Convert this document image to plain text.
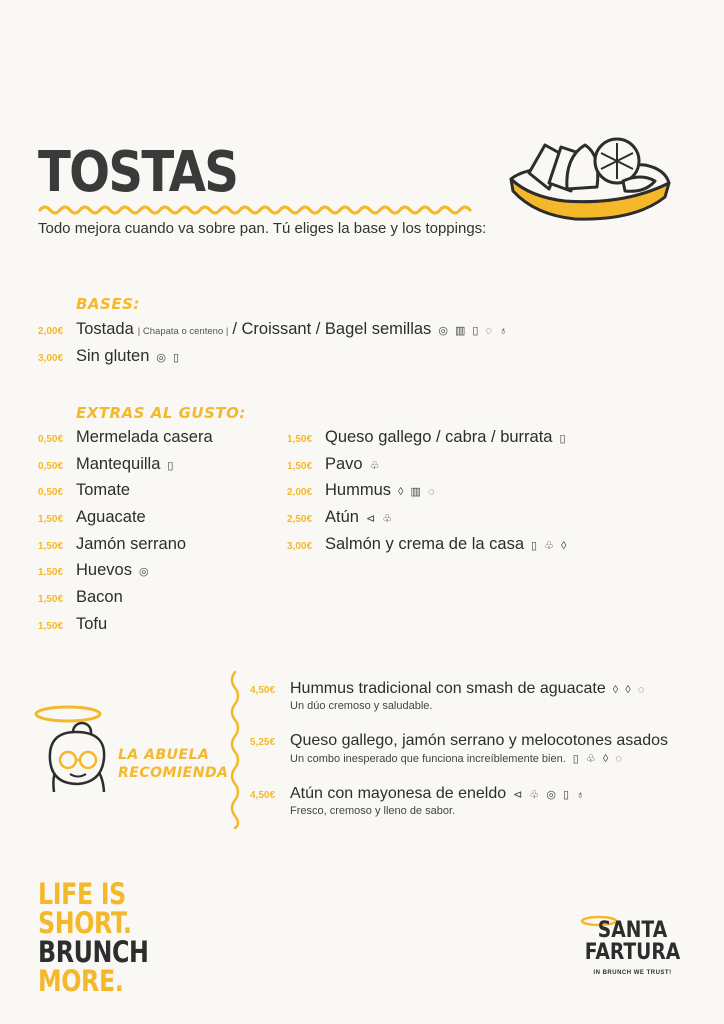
TOSTAS
Todo mejora cuando va sobre pan. Tú eliges la base y los toppings:
BASES:
2,00€ Tostada | Chapata o centeno | / Croissant / Bagel semillas ◎ ▥ ▯ ◌ ♁
3,00€ Sin gluten ◎ ▯
EXTRAS AL GUSTO:
0,50€ Mermelada casera
0,50€ Mantequilla ▯
0,50€ Tomate
1,50€ Aguacate
1,50€ Jamón serrano
1,50€ Huevos ◎
1,50€ Bacon
1,50€ Tofu
1,50€ Queso gallego / cabra / burrata ▯
1,50€ Pavo ♧
2,00€ Hummus ◊ ▥ ◌
2,50€ Atún ⊲ ♧
3,00€ Salmón y crema de la casa ▯ ♧ ◊
LA ABUELA
RECOMIENDA
4,50€ Hummus tradicional con smash de aguacate ◊ ◊ ◌
Un dúo cremoso y saludable.
5,25€ Queso gallego, jamón serrano y melocotones asados
Un combo inesperado que funciona increíblemente bien. ▯ ♧ ◊ ◌
4,50€ Atún con mayonesa de eneldo ⊲ ♧ ◎ ▯ ♁
Fresco, cremoso y lleno de sabor.
LIFE IS
SHORT.
BRUNCH
MORE.
SANTA
FARTURA
IN BRUNCH WE TRUST!
